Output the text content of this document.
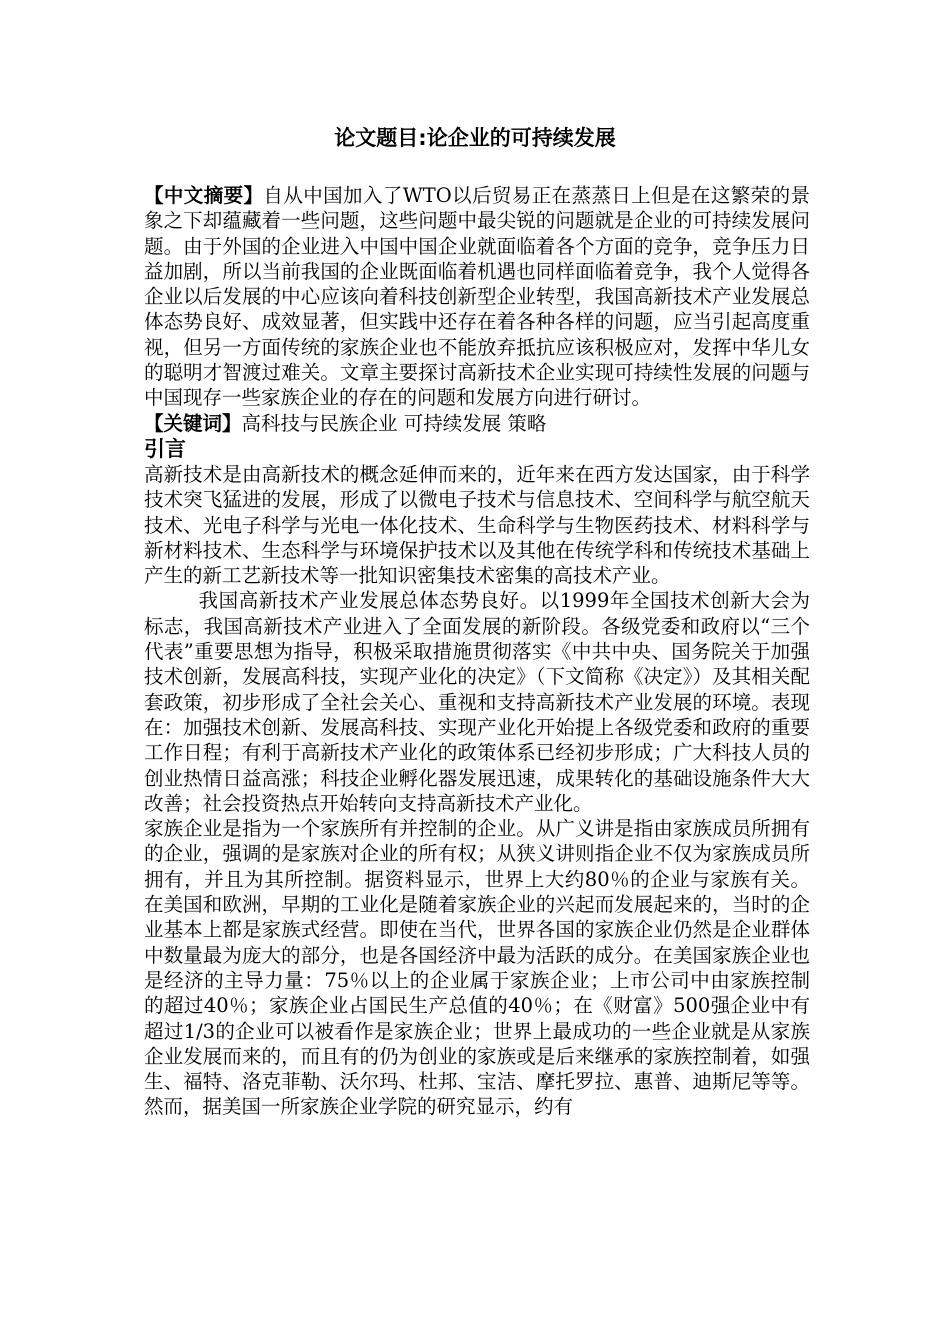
论文题目:论企业的可持续发展

【中文摘要】自从中国加入了WTO以后贸易正在蒸蒸日上但是在这繁荣的景象之下却蕴藏着一些问题，这些问题中最尖锐的问题就是企业的可持续发展问题。由于外国的企业进入中国中国企业就面临着各个方面的竞争，竞争压力日益加剧，所以当前我国的企业既面临着机遇也同样面临着竞争，我个人觉得各企业以后发展的中心应该向着科技创新型企业转型，我国高新技术产业发展总体态势良好、成效显著，但实践中还存在着各种各样的问题，应当引起高度重视，但另一方面传统的家族企业也不能放弃抵抗应该积极应对，发挥中华儿女的聪明才智渡过难关。文章主要探讨高新技术企业实现可持续性发展的问题与中国现存一些家族企业的存在的问题和发展方向进行研讨。

【关键词】高科技与民族企业 可持续发展 策略

引言

高新技术是由高新技术的概念延伸而来的，近年来在西方发达国家，由于科学技术突飞猛进的发展，形成了以微电子技术与信息技术、空间科学与航空航天技术、光电子科学与光电一体化技术、生命科学与生物医药技术、材料科学与新材料技术、生态科学与环境保护技术以及其他在传统学科和传统技术基础上产生的新工艺新技术等一批知识密集技术密集的高技术产业。

我国高新技术产业发展总体态势良好。以1999年全国技术创新大会为标志，我国高新技术产业进入了全面发展的新阶段。各级党委和政府以“三个代表”重要思想为指导，积极采取措施贯彻落实《中共中央、国务院关于加强技术创新，发展高科技，实现产业化的决定》（下文简称《决定》）及其相关配套政策，初步形成了全社会关心、重视和支持高新技术产业发展的环境。表现在：加强技术创新、发展高科技、实现产业化开始提上各级党委和政府的重要工作日程；有利于高新技术产业化的政策体系已经初步形成；广大科技人员的创业热情日益高涨；科技企业孵化器发展迅速，成果转化的基础设施条件大大改善；社会投资热点开始转向支持高新技术产业化。

家族企业是指为一个家族所有并控制的企业。从广义讲是指由家族成员所拥有的企业，强调的是家族对企业的所有权；从狭义讲则指企业不仅为家族成员所拥有，并且为其所控制。据资料显示，世界上大约80％的企业与家族有关。在美国和欧洲，早期的工业化是随着家族企业的兴起而发展起来的，当时的企业基本上都是家族式经营。即使在当代，世界各国的家族企业仍然是企业群体中数量最为庞大的部分，也是各国经济中最为活跃的成分。在美国家族企业也是经济的主导力量：75％以上的企业属于家族企业；上市公司中由家族控制的超过40％；家族企业占国民生产总值的40％；在《财富》500强企业中有超过1/3的企业可以被看作是家族企业；世界上最成功的一些企业就是从家族企业发展而来的，而且有的仍为创业的家族或是后来继承的家族控制着，如强生、福特、洛克菲勒、沃尔玛、杜邦、宝洁、摩托罗拉、惠普、迪斯尼等等。然而，据美国一所家族企业学院的研究显示，约有
